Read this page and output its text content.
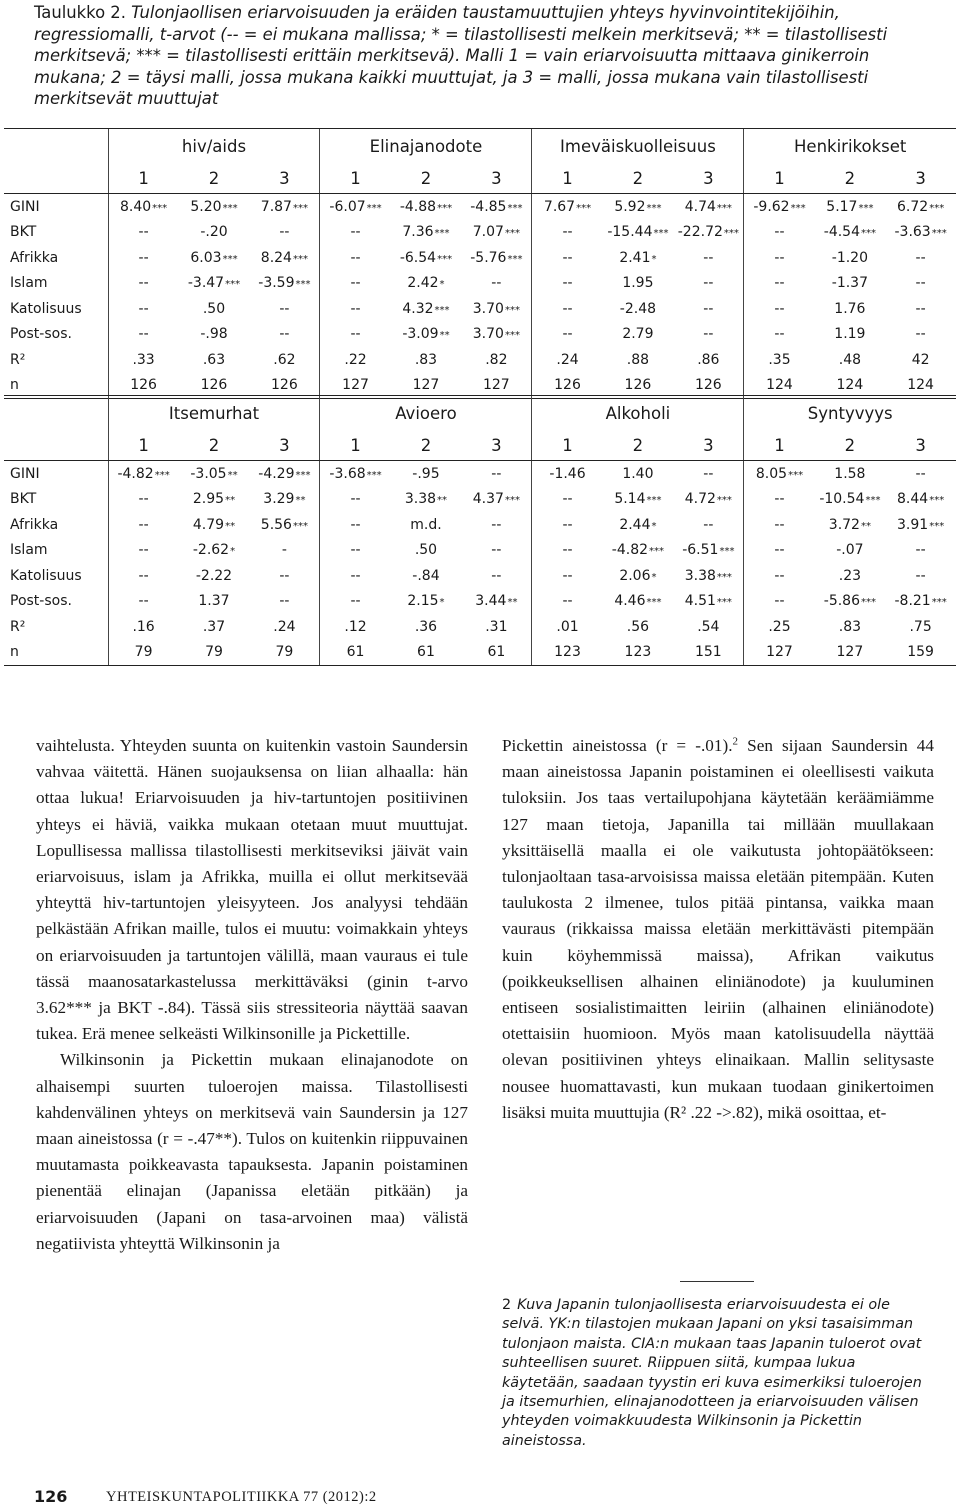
Taulukko 2. Tulonjaollisen eriarvoisuuden ja eräiden taustamuuttujien yhteys hyvinvointitekijöihin, regressiomalli, t-arvot (-- = ei mukana mallissa; * = tilastollisesti melkein merkitsevä; ** = tilastollisesti merkitsevä; *** = tilastollisesti erittäin merkitsevä). Malli 1 = vain eriarvoisuutta mittaava ginikerroin mukana; 2 = täysi malli, jossa mukana kaikki muuttujat, ja 3 = malli, jossa mukana vain tilastollisesti merkitsevät muuttujat
	hiv/aids			Elinajanodote			Imeväiskuolleisuus			Henkirikokset		
	1	2	3	1	2	3	1	2	3	1	2	3
GINI	8.40***	5.20***	7.87***	-6.07***	-4.88***	-4.85***	7.67***	5.92***	4.74***	-9.62***	5.17***	6.72***
BKT	--	-.20	--	--	7.36***	7.07***	--	-15.44***	-22.72***	--	-4.54***	-3.63***
Afrikka	--	6.03***	8.24***	--	-6.54***	-5.76***	--	2.41*	--	--	-1.20	--
Islam	--	-3.47***	-3.59***	--	2.42*	--	--	1.95	--	--	-1.37	--
Katolisuus	--	.50	--	--	4.32***	3.70***	--	-2.48	--	--	1.76	--
Post-sos.	--	-.98	--	--	-3.09**	3.70***	--	2.79	--	--	1.19	--
R²	.33	.63	.62	.22	.83	.82	.24	.88	.86	.35	.48	42
n	126	126	126	127	127	127	126	126	126	124	124	124
	Itsemurhat			Avioero			Alkoholi			Syntyvyys		
	1	2	3	1	2	3	1	2	3	1	2	3
GINI	-4.82***	-3.05**	-4.29***	-3.68***	-.95	--	-1.46	1.40	--	8.05***	1.58	--
BKT	--	2.95**	3.29**	--	3.38**	4.37***	--	5.14***	4.72***	--	-10.54***	8.44***
Afrikka	--	4.79**	5.56***	--	m.d.	--	--	2.44*	--	--	3.72**	3.91***
Islam	--	-2.62*	-	--	.50	--	--	-4.82***	-6.51***	--	-.07	--
Katolisuus	--	-2.22	--	--	-.84	--	--	2.06*	3.38***	--	.23	--
Post-sos.	--	1.37	--	--	2.15*	3.44**	--	4.46***	4.51***	--	-5.86***	-8.21***
R²	.16	.37	.24	.12	.36	.31	.01	.56	.54	.25	.83	.75
n	79	79	79	61	61	61	123	123	151	127	127	159

vaihtelusta. Yhteyden suunta on kuitenkin vastoin Saundersin vahvaa väitettä. Hänen suojauksensa on liian alhaalla: hän ottaa lukua! Eriarvoisuuden ja hiv-tartuntojen positiivinen yhteys ei häviä, vaikka mukaan otetaan muut muuttujat. Lopullisessa mallissa tilastollisesti merkitseviksi jäivät vain eriarvoisuus, islam ja Afrikka, muilla ei ollut merkitsevää yhteyttä hiv-tartuntojen yleisyyteen. Jos analyysi tehdään pelkästään Afrikan maille, tulos ei muutu: voimakkain yhteys on eriarvoisuuden ja tartuntojen välillä, maan vauraus ei tule tässä maanosatarkastelussa merkittäväksi (ginin t-arvo 3.62*** ja BKT -.84). Tässä siis stressiteoria näyttää saavan tukea. Erä menee selkeästi Wilkinsonille ja Pickettille.

Wilkinsonin ja Pickettin mukaan elinajanodote on alhaisempi suurten tuloerojen maissa. Tilastollisesti kahdenvälinen yhteys on merkitsevä vain Saundersin ja 127 maan aineistossa (r = -.47**). Tulos on kuitenkin riippuvainen muutamasta poikkeavasta tapauksesta. Japanin poistaminen pienentää elinajan (Japanissa eletään pitkään) ja eriarvoisuuden (Japani on tasa-arvoinen maa) välistä negatiivista yhteyttä Wilkinsonin ja

Pickettin aineistossa (r = -.01).$^2$ Sen sijaan Saundersin 44 maan aineistossa Japanin poistaminen ei oleellisesti vaikuta tuloksiin. Jos taas vertailupohjana käytetään keräämiämme 127 maan tietoja, Japanilla tai millään muullakaan yksittäisellä maalla ei ole vaikutusta johtopäätökseen: tulonjaoltaan tasa-arvoisissa maissa eletään pitempään. Kuten taulukosta 2 ilmenee, tulos pitää pintansa, vaikka maan vauraus (rikkaissa maissa eletään merkittävästi pitempään kuin köyhemmissä maissa), Afrikan vaikutus (poikkeuksellisen alhainen eliniänodote) ja kuuluminen entiseen sosialistimaitten leiriin (alhainen eliniänodote) otettaisiin huomioon. Myös maan katolisuudella näyttää olevan positiivinen yhteys elinaikaan. Mallin selitysaste nousee huomattavasti, kun mukaan tuodaan ginikertoimen lisäksi muita muuttujia (R² .22 ->.82), mikä osoittaa, et-

2 Kuva Japanin tulonjaollisesta eriarvoisuudesta ei ole selvä. YK:n tilastojen mukaan Japani on yksi tasaisimman tulonjaon maista. CIA:n mukaan taas Japanin tuloerot ovat suhteellisen suuret. Riippuen siitä, kumpaa lukua käytetään, saadaan tyystin eri kuva esimerkiksi tuloerojen ja itsemurhien, elinajanodotteen ja eriarvoisuuden välisen yhteyden voimakkuudesta Wilkinsonin ja Pickettin aineistossa.
126	YHTEISKUNTAPOLITIIKKA 77 (2012):2
